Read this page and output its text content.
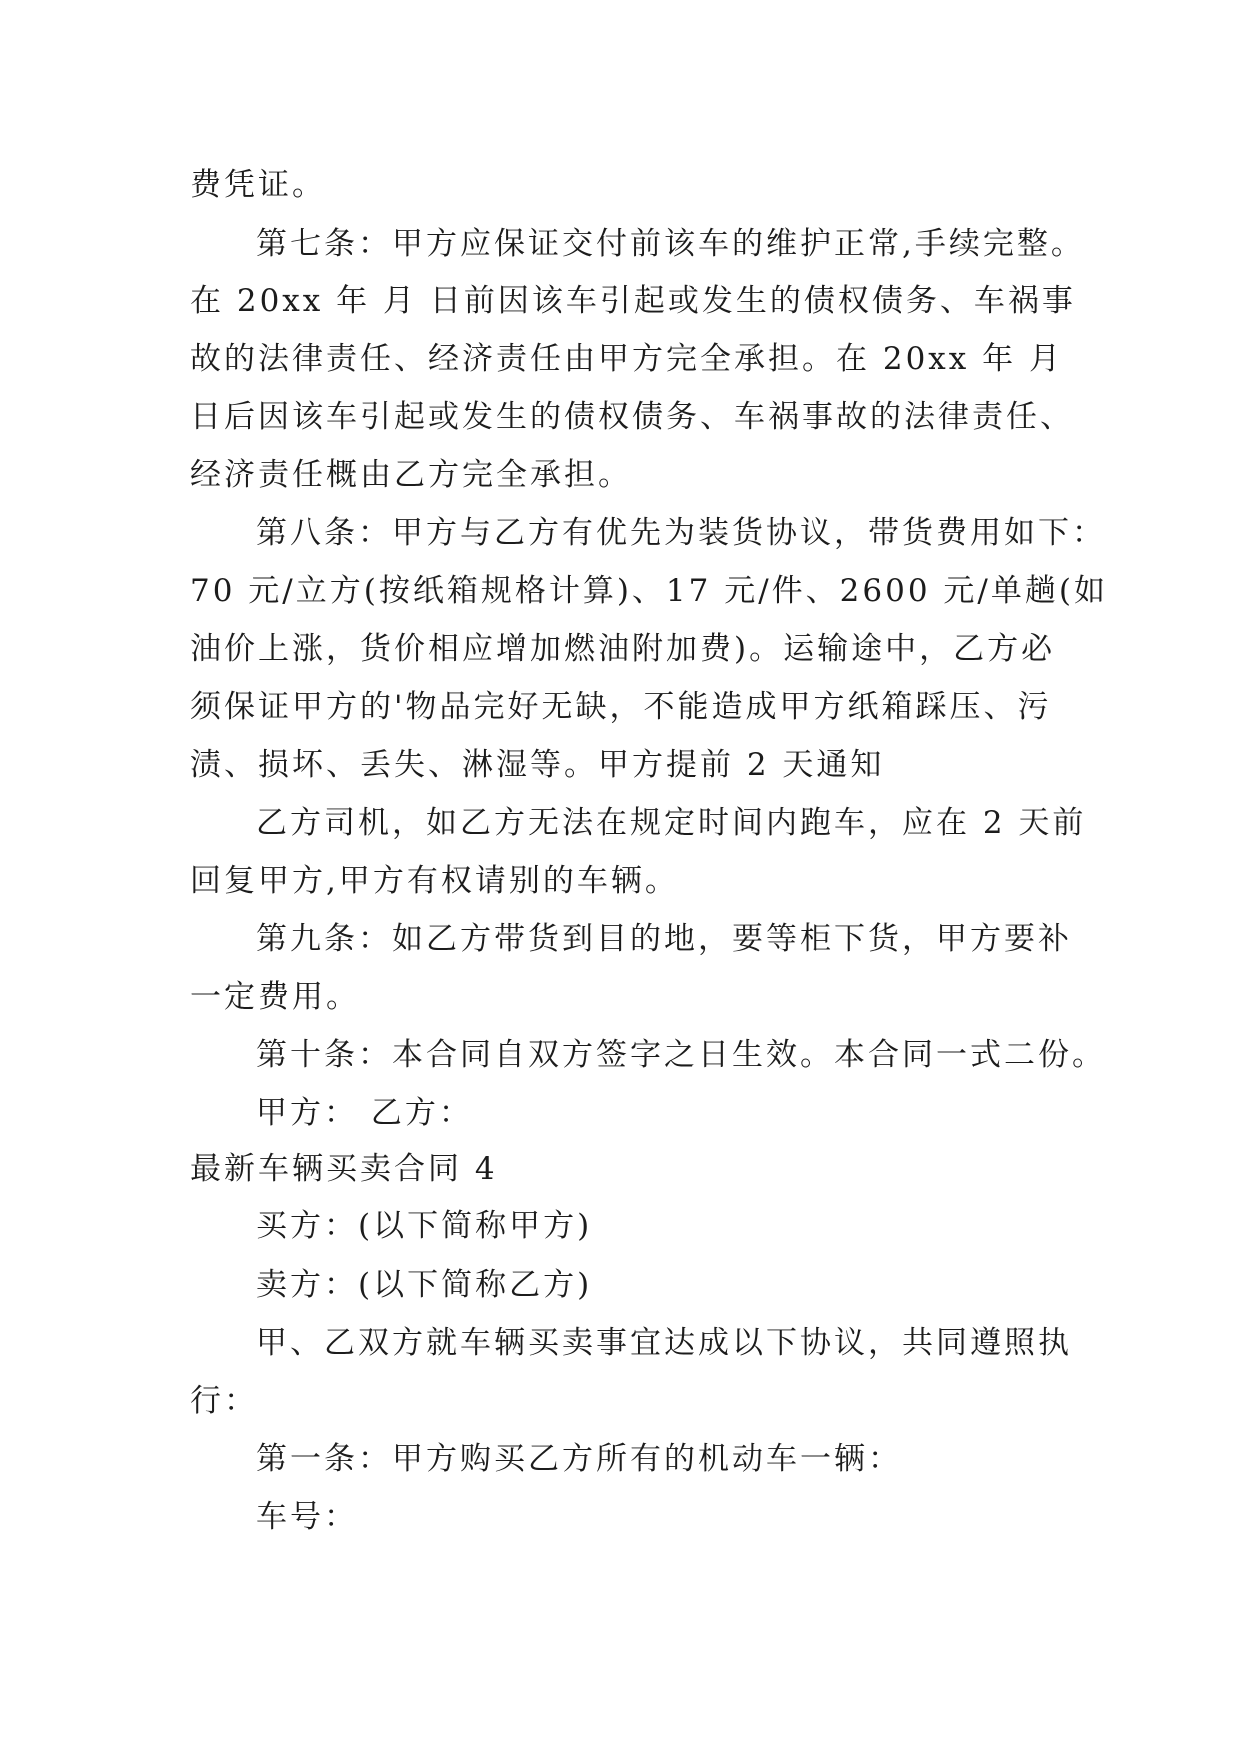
费凭证。
第七条：甲方应保证交付前该车的维护正常,手续完整。
在 20xx 年 月 日前因该车引起或发生的债权债务、车祸事
故的法律责任、经济责任由甲方完全承担。在 20xx 年 月
日后因该车引起或发生的债权债务、车祸事故的法律责任、
经济责任概由乙方完全承担。
第八条：甲方与乙方有优先为装货协议，带货费用如下：
70 元/立方(按纸箱规格计算)、17 元/件、2600 元/单趟(如
油价上涨，货价相应增加燃油附加费)。运输途中，乙方必
须保证甲方的'物品完好无缺，不能造成甲方纸箱踩压、污
渍、损坏、丢失、淋湿等。甲方提前 2 天通知
乙方司机，如乙方无法在规定时间内跑车，应在 2 天前
回复甲方,甲方有权请别的车辆。
第九条：如乙方带货到目的地，要等柜下货，甲方要补
一定费用。
第十条：本合同自双方签字之日生效。本合同一式二份。
甲方： 乙方：
最新车辆买卖合同 4
买方：(以下简称甲方)
卖方：(以下简称乙方)
甲、乙双方就车辆买卖事宜达成以下协议，共同遵照执
行：
第一条：甲方购买乙方所有的机动车一辆：
车号：
